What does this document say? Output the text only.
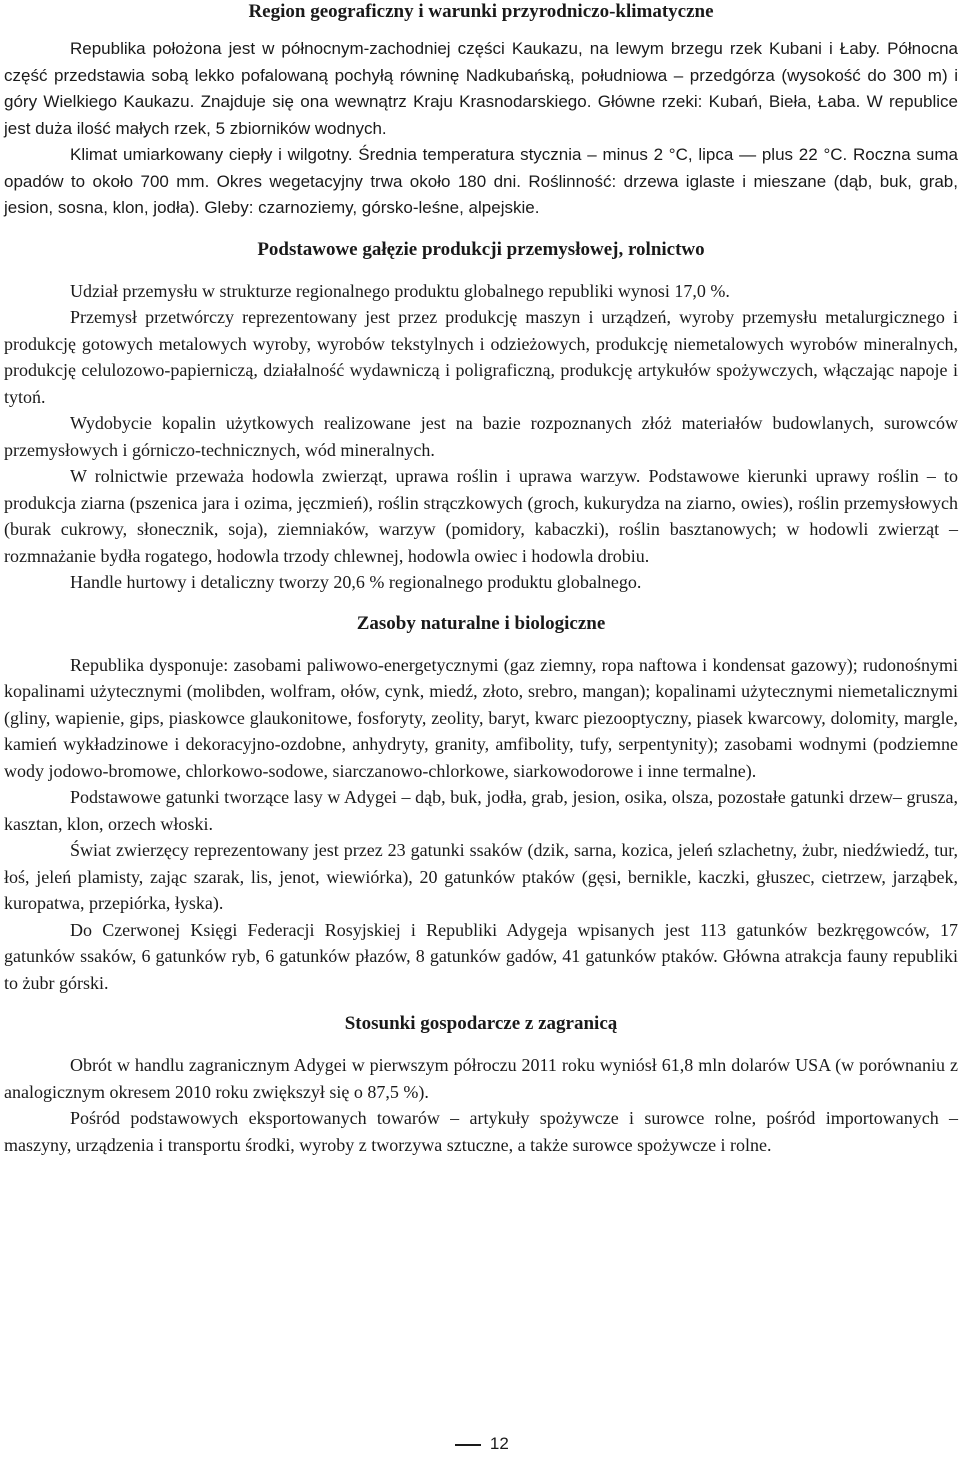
Region geograficzny i warunki przyrodniczo-klimatyczne

Republika położona jest w północnym-zachodniej części Kaukazu, na lewym brzegu rzek Kubani i Łaby. Północna część przedstawia sobą lekko pofalowaną pochyłą równinę Nadkubańską, południowa – przedgórza (wysokość do 300 m) i góry Wielkiego Kaukazu. Znajduje się ona wewnątrz Kraju Krasnodarskiego. Główne rzeki: Kubań, Biełа, Łaba. W republice jest duża ilość małych rzek, 5 zbiorników wodnych.

Klimat umiarkowany ciepły i wilgotny. Średnia temperatura stycznia – minus 2 °C, lipca — plus 22 °C. Roczna suma opadów to około 700 mm. Okres wegetacyjny trwa około 180 dni. Roślinność: drzewa iglaste i mieszane (dąb, buk, grab, jesion, sosna, klon, jodła). Gleby: czarnoziemy, górsko-leśne, alpejskie.

Podstawowe gałęzie produkcji przemysłowej, rolnictwo

Udział przemysłu w strukturze regionalnego produktu globalnego republiki wynosi 17,0 %.

Przemysł przetwórczy reprezentowany jest przez produkcję maszyn i urządzeń, wyroby przemysłu metalurgicznego i produkcję gotowych metalowych wyroby, wyrobów tekstylnych i odzieżowych, produkcję niemetalowych wyrobów mineralnych, produkcję celulozowo-papierniczą, działalność wydawniczą i poligraficzną, produkcję artykułów spożywczych, włączając napoje i tytoń.

Wydobycie kopalin użytkowych realizowane jest na bazie rozpoznanych złóż materiałów budowlanych, surowców przemysłowych i górniczo-technicznych, wód mineralnych.

W rolnictwie przeważa hodowla zwierząt, uprawa roślin i uprawa warzyw. Podstawowe kierunki uprawy roślin – to produkcja ziarna (pszenica jara i ozima, jęczmień), roślin strączkowych (groch, kukurydza na ziarno, owies), roślin przemysłowych (burak cukrowy, słonecznik, soja), ziemniaków, warzyw (pomidory, kabaczki), roślin basztanowych; w hodowli zwierząt – rozmnażanie bydła rogatego, hodowla trzody chlewnej, hodowla owiec i hodowla drobiu.

Handle hurtowy i detaliczny tworzy 20,6 % regionalnego produktu globalnego.

Zasoby naturalne i biologiczne

Republika dysponuje: zasobami paliwowo-energetycznymi (gaz ziemny, ropa naftowa i kondensat gazowy); rudonośnymi kopalinami użytecznymi (molibden, wolfram, ołów, cynk, miedź, złoto, srebro, mangan); kopalinami użytecznymi niemetalicznymi (gliny, wapienie, gips, piaskowce glaukonitowe, fosforyty, zeolity, baryt, kwarc piezooptyczny, piasek kwarcowy, dolomity, margle, kamień wykładzinowe i dekoracyjno-ozdobne, anhydryty, granity, amfibolity, tufy, serpentynity); zasobami wodnymi (podziemne wody jodowo-bromowe, chlorkowo-sodowe, siarczanowo-chlorkowe, siarkowodorowe i inne termalne).

Podstawowe gatunki tworzące lasy w Adygei – dąb, buk, jodła, grab, jesion, osika, olsza, pozostałe gatunki drzew– grusza, kasztan, klon, orzech włoski.

Świat zwierzęcy reprezentowany jest przez 23 gatunki ssaków (dzik, sarna, kozica, jeleń szlachetny, żubr, niedźwiedź, tur, łoś, jeleń plamisty, zając szarak, lis, jenot, wiewiórka), 20 gatunków ptaków (gęsi, bernikle, kaczki, głuszec, cietrzew, jarząbek, kuropatwa, przepiórka, łyska).

Do Czerwonej Księgi Federacji Rosyjskiej i Republiki Adygeja wpisanych jest 113 gatunków bezkręgowców, 17 gatunków ssaków, 6 gatunków ryb, 6 gatunków płazów, 8 gatunków gadów, 41 gatunków ptaków. Główna atrakcja fauny republiki to żubr górski.

Stosunki gospodarcze z zagranicą

Obrót w handlu zagranicznym Adygei w pierwszym półroczu 2011 roku wyniósł 61,8 mln dolarów USA (w porównaniu z analogicznym okresem 2010 roku zwiększył się o 87,5 %).

Pośród podstawowych eksportowanych towarów – artykuły spożywcze i surowce rolne, pośród importowanych – maszyny, urządzenia i transportu środki, wyroby z tworzywa sztuczne, a także surowce spożywcze i rolne.

12
